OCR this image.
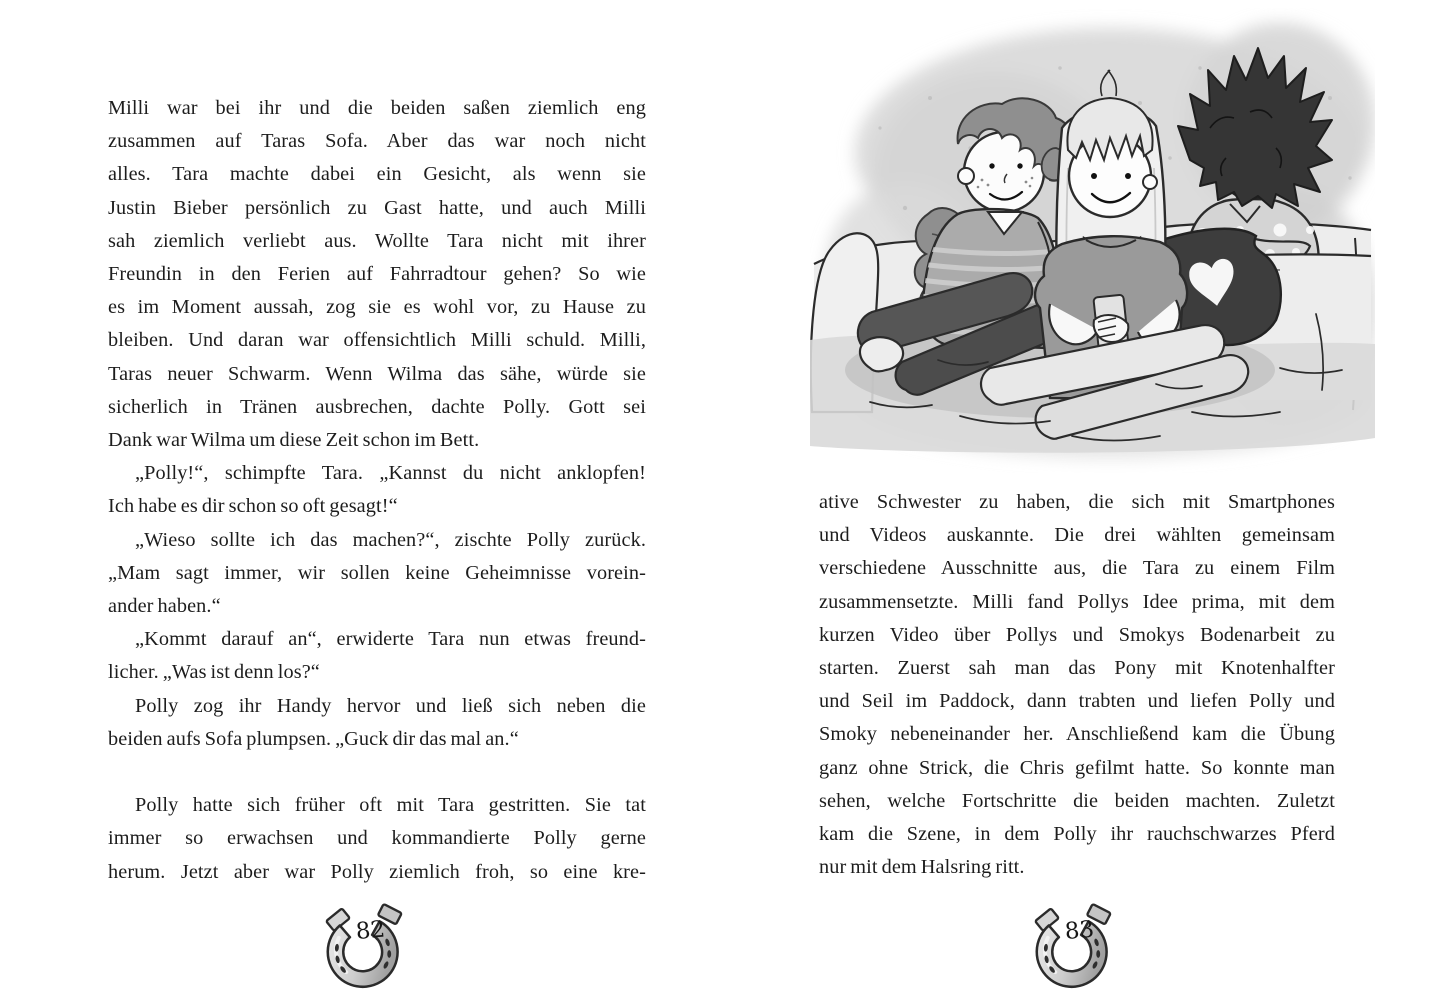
Milli war bei ihr und die beiden saßen ziemlich eng
zusammen auf Taras Sofa. Aber das war noch nicht
alles. Tara machte dabei ein Gesicht, als wenn sie
Justin Bieber persönlich zu Gast hatte, und auch Milli
sah ziemlich verliebt aus. Wollte Tara nicht mit ihrer
Freundin in den Ferien auf Fahrradtour gehen? So wie
es im Moment aussah, zog sie es wohl vor, zu Hause zu
bleiben. Und daran war offensichtlich Milli schuld. Milli,
Taras neuer Schwarm. Wenn Wilma das sähe, würde sie
sicherlich in Tränen ausbrechen, dachte Polly. Gott sei
Dank war Wilma um diese Zeit schon im Bett.
„Polly!“, schimpfte Tara. „Kannst du nicht anklopfen!
Ich habe es dir schon so oft gesagt!“
„Wieso sollte ich das machen?“, zischte Polly zurück.
„Mam sagt immer, wir sollen keine Geheimnisse vorein-
ander haben.“
„Kommt darauf an“, erwiderte Tara nun etwas freund-
licher. „Was ist denn los?“
Polly zog ihr Handy hervor und ließ sich neben die
beiden aufs Sofa plumpsen. „Guck dir das mal an.“
Polly hatte sich früher oft mit Tara gestritten. Sie tat
immer so erwachsen und kommandierte Polly gerne
herum. Jetzt aber war Polly ziemlich froh, so eine kre-
82
ative Schwester zu haben, die sich mit Smartphones
und Videos auskannte. Die drei wählten gemeinsam
verschiedene Ausschnitte aus, die Tara zu einem Film
zusammensetzte. Milli fand Pollys Idee prima, mit dem
kurzen Video über Pollys und Smokys Bodenarbeit zu
starten. Zuerst sah man das Pony mit Knotenhalfter
und Seil im Paddock, dann trabten und liefen Polly und
Smoky nebeneinander her. Anschließend kam die Übung
ganz ohne Strick, die Chris gefilmt hatte. So konnte man
sehen, welche Fortschritte die beiden machten. Zuletzt
kam die Szene, in dem Polly ihr rauchschwarzes Pferd
nur mit dem Halsring ritt.
83
